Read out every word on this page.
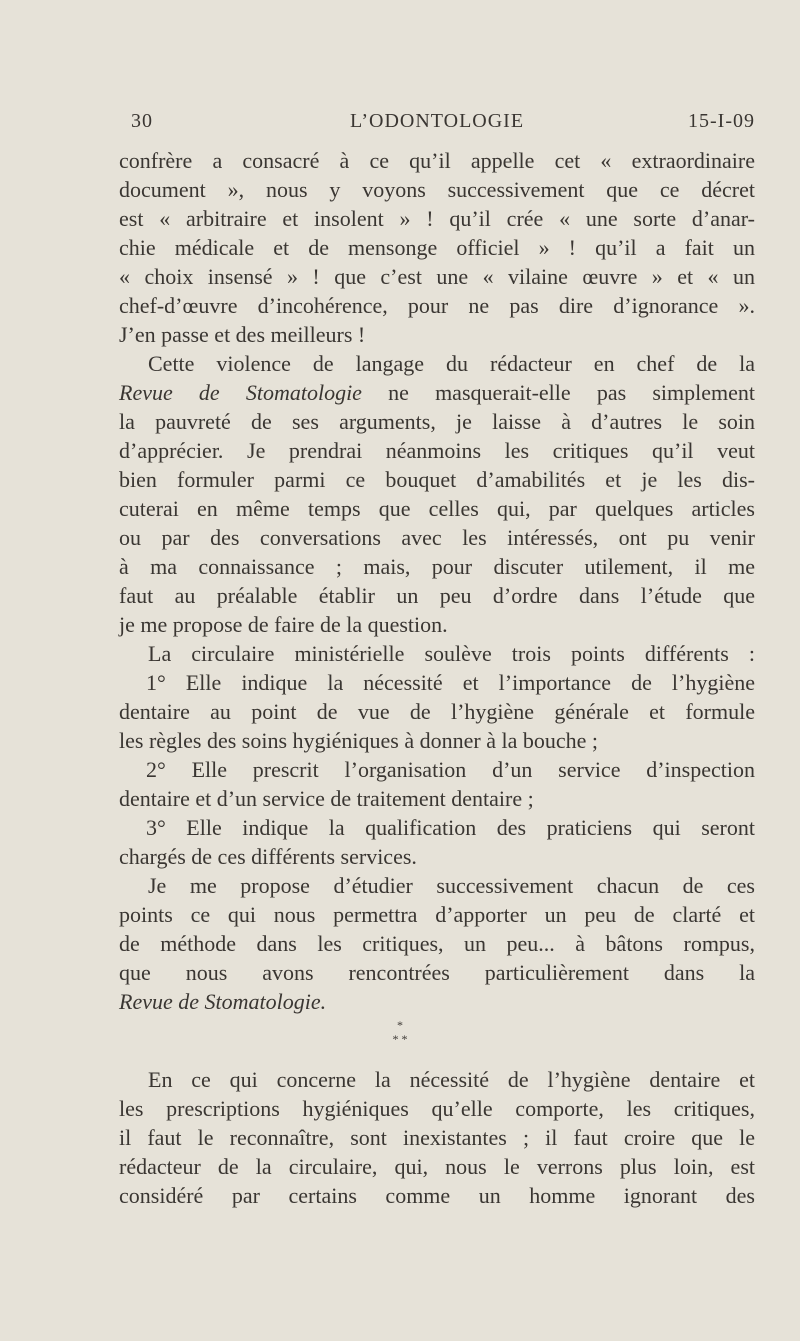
30	L’ODONTOLOGIE	15-I-09
confrère a consacré à ce qu’il appelle cet « extraordinaire
document », nous y voyons successivement que ce décret
est « arbitraire et insolent » ! qu’il crée « une sorte d’anar-
chie médicale et de mensonge officiel » ! qu’il a fait un
« choix insensé » ! que c’est une « vilaine œuvre » et « un
chef-d’œuvre d’incohérence, pour ne pas dire d’ignorance ».
J’en passe et des meilleurs !
Cette violence de langage du rédacteur en chef de la
Revue de Stomatologie ne masquerait-elle pas simplement
la pauvreté de ses arguments, je laisse à d’autres le soin
d’apprécier. Je prendrai néanmoins les critiques qu’il veut
bien formuler parmi ce bouquet d’amabilités et je les dis-
cuterai en même temps que celles qui, par quelques articles
ou par des conversations avec les intéressés, ont pu venir
à ma connaissance ; mais, pour discuter utilement, il me
faut au préalable établir un peu d’ordre dans l’étude que
je me propose de faire de la question.
La circulaire ministérielle soulève trois points différents :
1° Elle indique la nécessité et l’importance de l’hygiène
dentaire au point de vue de l’hygiène générale et formule
les règles des soins hygiéniques à donner à la bouche ;
2° Elle prescrit l’organisation d’un service d’inspection
dentaire et d’un service de traitement dentaire ;
3° Elle indique la qualification des praticiens qui seront
chargés de ces différents services.
Je me propose d’étudier successivement chacun de ces
points ce qui nous permettra d’apporter un peu de clarté et
de méthode dans les critiques, un peu... à bâtons rompus,
que nous avons rencontrées particulièrement dans la
Revue de Stomatologie.
*
* *
En ce qui concerne la nécessité de l’hygiène dentaire et
les prescriptions hygiéniques qu’elle comporte, les critiques,
il faut le reconnaître, sont inexistantes ; il faut croire que le
rédacteur de la circulaire, qui, nous le verrons plus loin, est
considéré par certains comme un homme ignorant des
